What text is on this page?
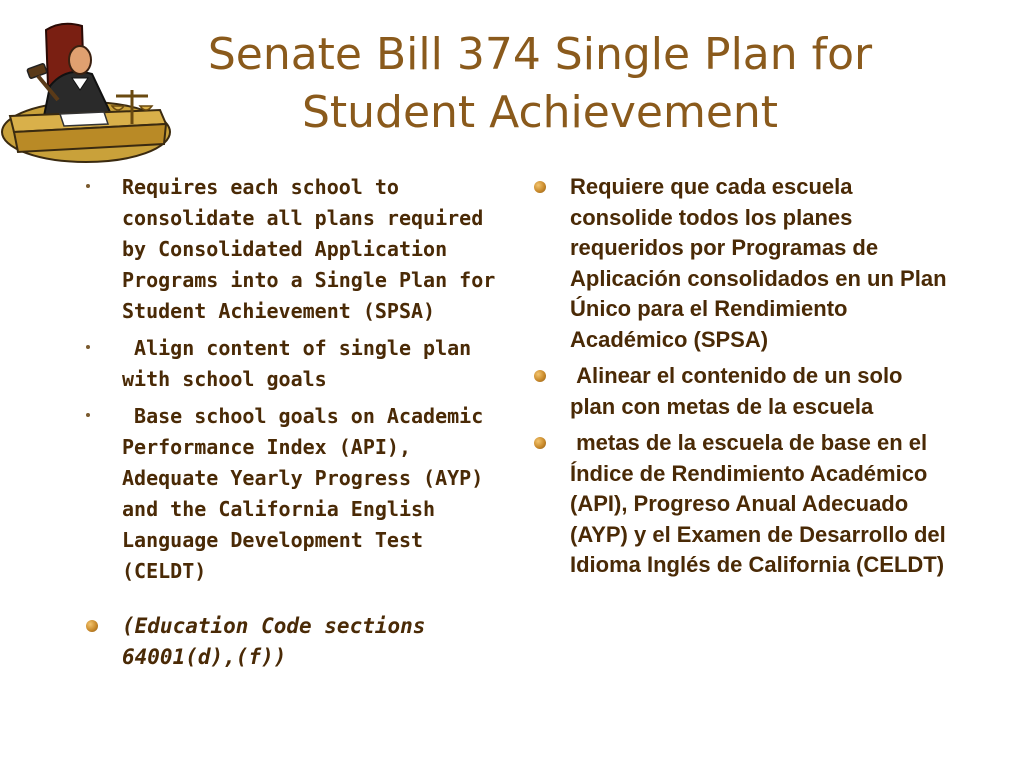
Senate Bill 374 Single Plan for Student Achievement
Requires each school to consolidate all plans required by Consolidated Application Programs into a Single Plan for Student Achievement (SPSA)
Align content of single plan with school goals
Base school goals on Academic Performance Index (API), Adequate Yearly Progress (AYP) and the California English Language Development Test (CELDT)
(Education Code sections 64001(d),(f))
Requiere que cada escuela consolide todos los planes requeridos por Programas de Aplicación consolidados en un Plan Único para el Rendimiento Académico (SPSA)
Alinear el contenido de un solo plan con metas de la escuela
metas de la escuela de base en el Índice de Rendimiento Académico (API), Progreso Anual Adecuado (AYP) y el Examen de Desarrollo del Idioma Inglés de California (CELDT)
